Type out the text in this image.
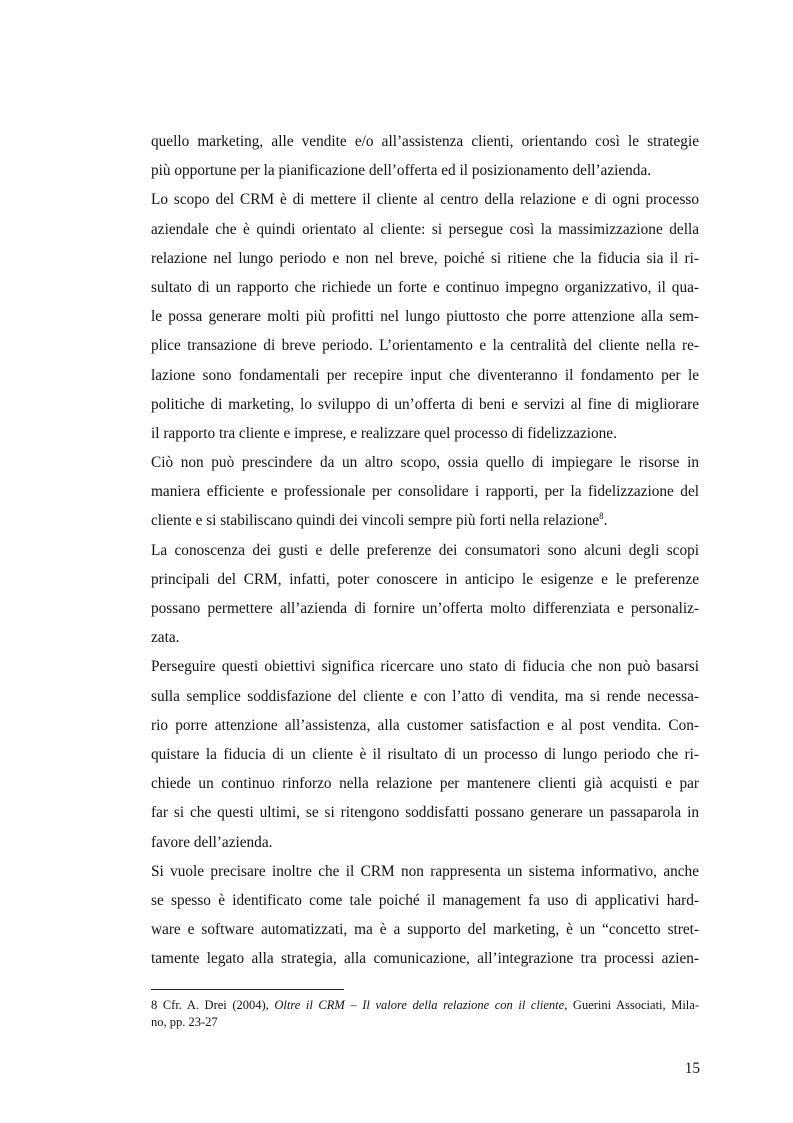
quello marketing, alle vendite e/o all’assistenza clienti, orientando così le strategie
più opportune per la pianificazione dell’offerta ed il posizionamento dell’azienda.
Lo scopo del CRM è di mettere il cliente al centro della relazione e di ogni processo
aziendale che è quindi orientato al cliente: si persegue così la massimizzazione della
relazione nel lungo periodo e non nel breve, poiché si ritiene che la fiducia sia il ri-
sultato di un rapporto che richiede un forte e continuo impegno organizzativo, il qua-
le possa generare molti più profitti nel lungo piuttosto che porre attenzione alla sem-
plice transazione di breve periodo. L’orientamento e la centralità del cliente nella re-
lazione sono fondamentali per recepire input che diventeranno il fondamento per le
politiche di marketing, lo sviluppo di un’offerta di beni e servizi al fine di migliorare
il rapporto tra cliente e imprese, e realizzare quel processo di fidelizzazione.
Ciò non può prescindere da un altro scopo, ossia quello di impiegare le risorse in
maniera efficiente e professionale per consolidare i rapporti, per la fidelizzazione del
cliente e si stabiliscano quindi dei vincoli sempre più forti nella relazione$^8$.
La conoscenza dei gusti e delle preferenze dei consumatori sono alcuni degli scopi
principali del CRM, infatti, poter conoscere in anticipo le esigenze e le preferenze
possano permettere all’azienda di fornire un’offerta molto differenziata e personaliz-
zata.
Perseguire questi obiettivi significa ricercare uno stato di fiducia che non può basarsi
sulla semplice soddisfazione del cliente e con l’atto di vendita, ma si rende necessa-
rio porre attenzione all’assistenza, alla customer satisfaction e al post vendita. Con-
quistare la fiducia di un cliente è il risultato di un processo di lungo periodo che ri-
chiede un continuo rinforzo nella relazione per mantenere clienti già acquisti e par
far si che questi ultimi, se si ritengono soddisfatti possano generare un passaparola in
favore dell’azienda.
Si vuole precisare inoltre che il CRM non rappresenta un sistema informativo, anche
se spesso è identificato come tale poiché il management fa uso di applicativi hard-
ware e software automatizzati, ma è a supporto del marketing, è un “concetto stret-
tamente legato alla strategia, alla comunicazione, all’integrazione tra processi azien-
8 Cfr. A. Drei (2004), Oltre il CRM – Il valore della relazione con il cliente, Guerini Associati, Mila-
no, pp. 23-27
15
